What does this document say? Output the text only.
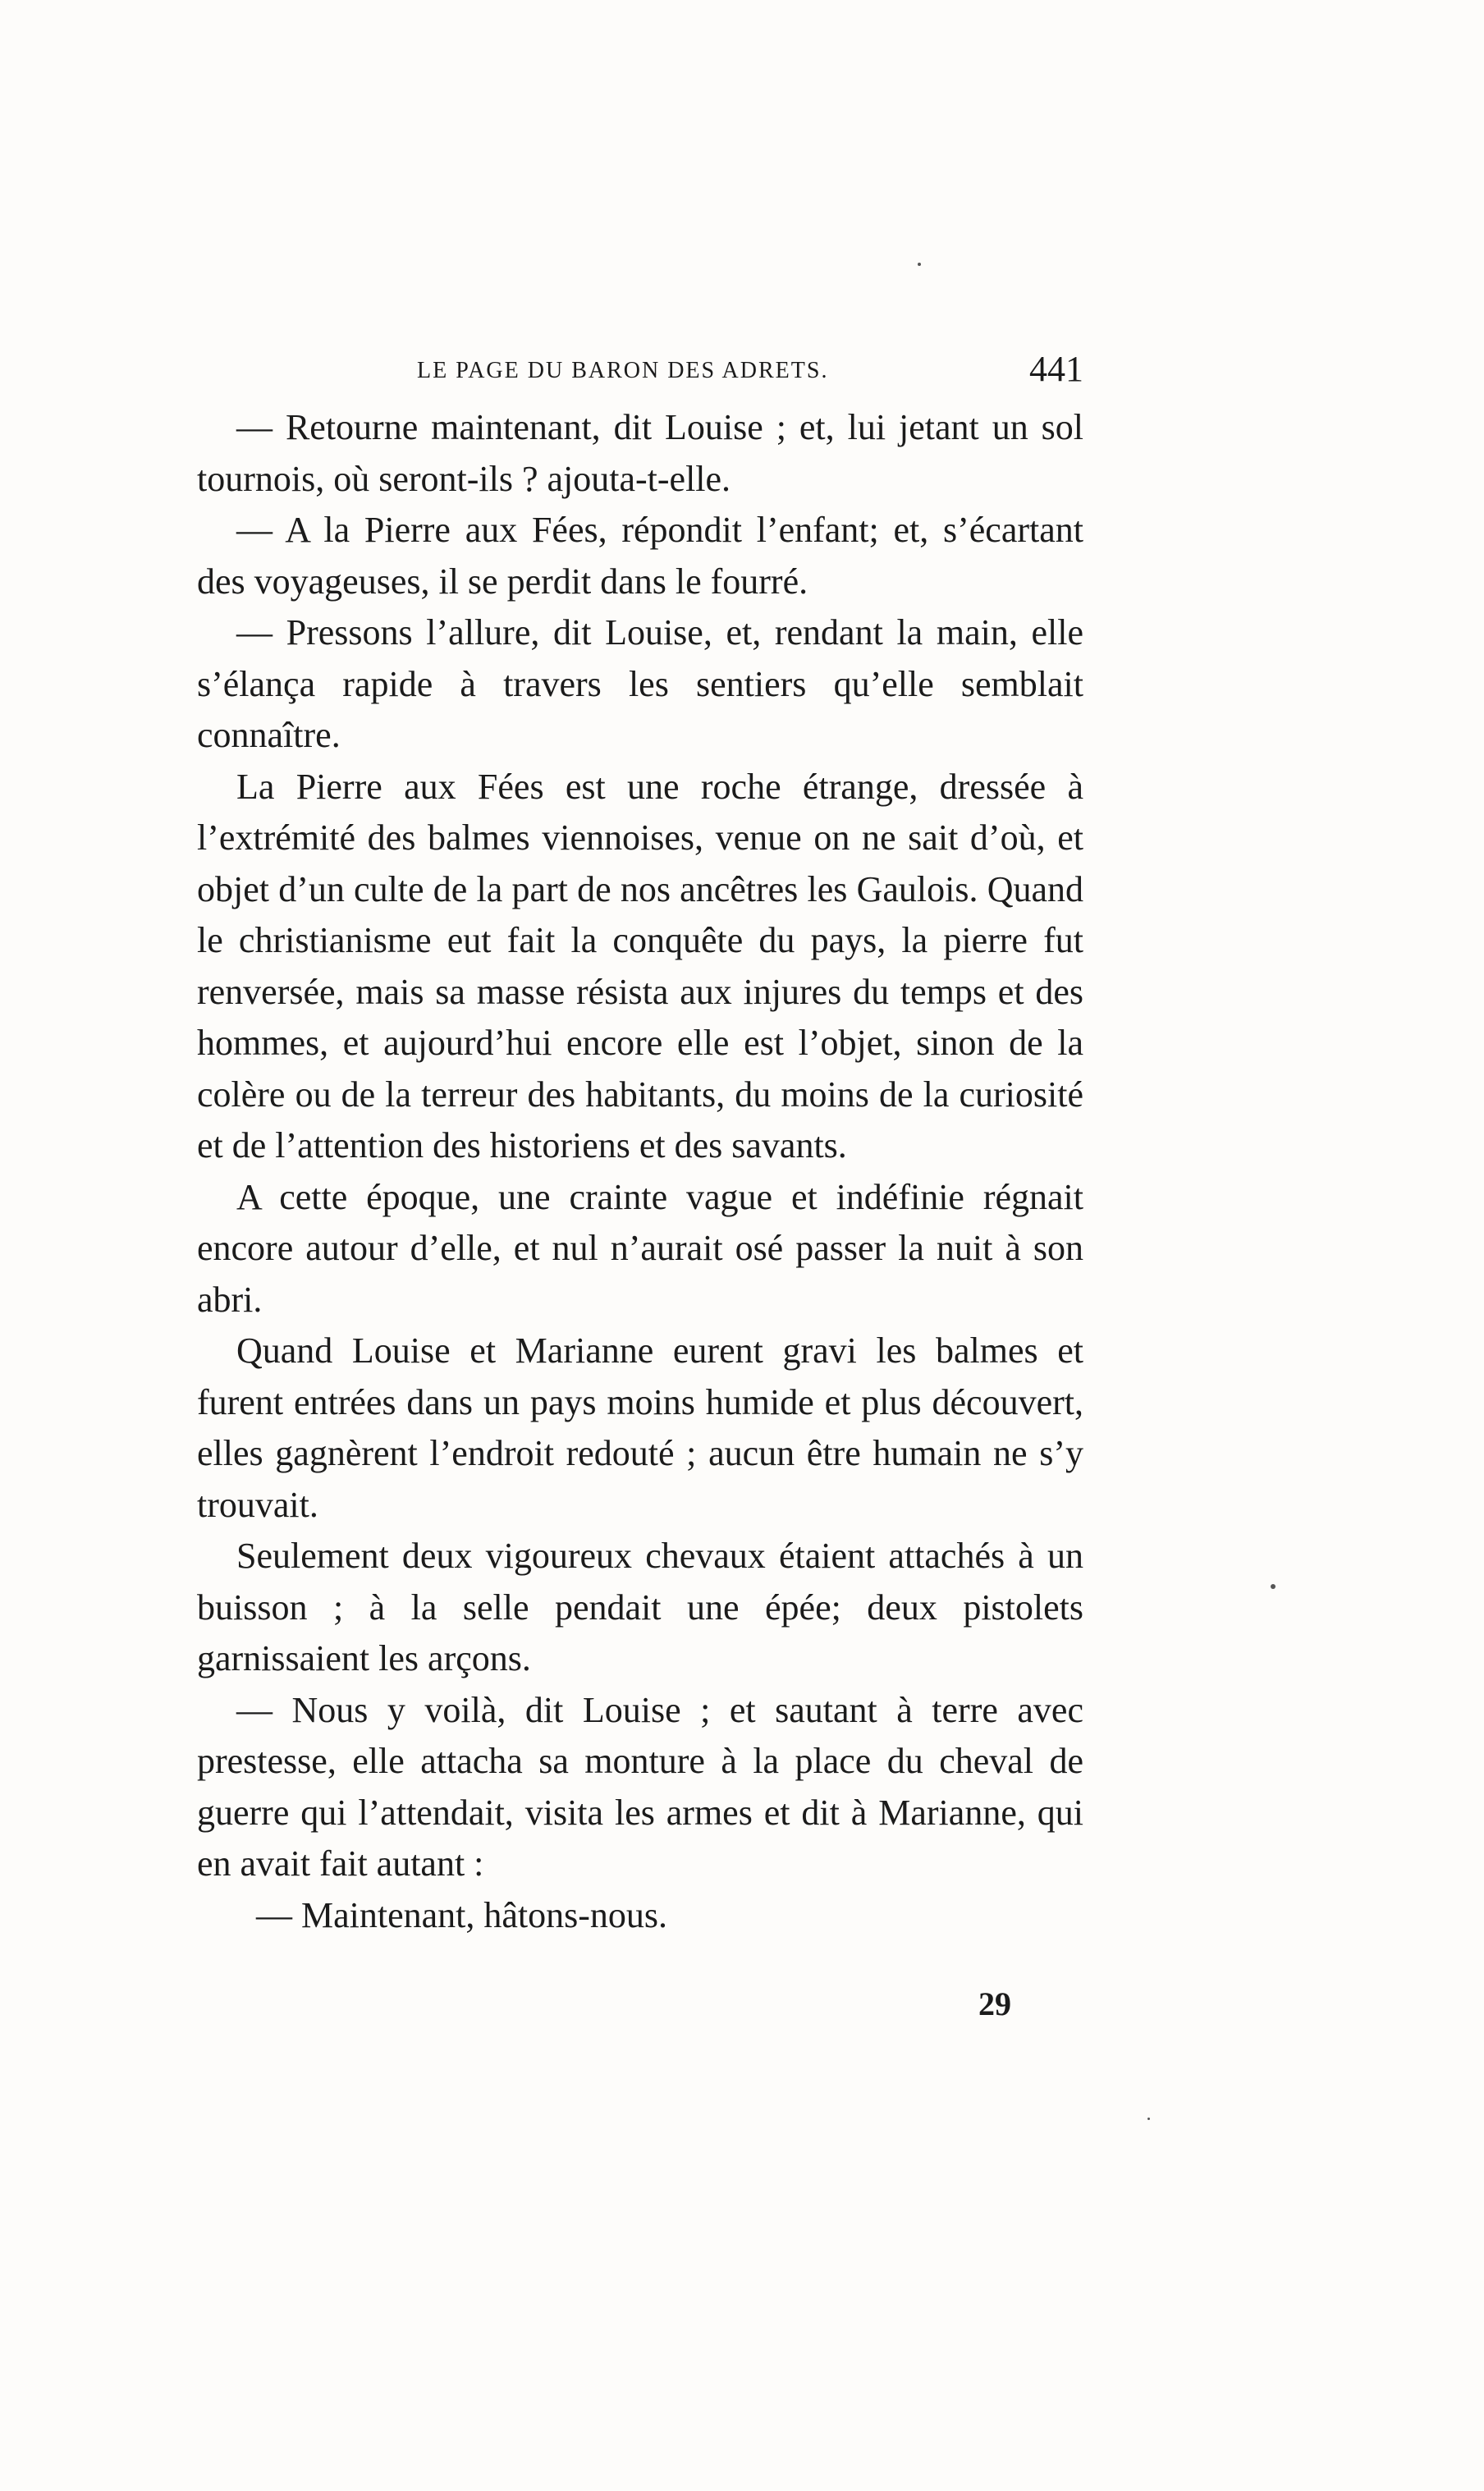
LE PAGE DU BARON DES ADRETS.	441

— Retourne maintenant, dit Louise ; et, lui jetant un sol tournois, où seront-ils ? ajouta-t-elle.

— A la Pierre aux Fées, répondit l’enfant; et, s’écartant des voyageuses, il se perdit dans le fourré.

— Pressons l’allure, dit Louise, et, rendant la main, elle s’élança rapide à travers les sentiers qu’elle semblait connaître.

La Pierre aux Fées est une roche étrange, dressée à l’extrémité des balmes viennoises, venue on ne sait d’où, et objet d’un culte de la part de nos ancêtres les Gaulois. Quand le christianisme eut fait la conquête du pays, la pierre fut renversée, mais sa masse résista aux injures du temps et des hommes, et aujourd’hui encore elle est l’objet, sinon de la colère ou de la terreur des habitants, du moins de la curiosité et de l’attention des historiens et des savants.

A cette époque, une crainte vague et indéfinie régnait encore autour d’elle, et nul n’aurait osé passer la nuit à son abri.

Quand Louise et Marianne eurent gravi les balmes et furent entrées dans un pays moins humide et plus découvert, elles gagnèrent l’endroit redouté ; aucun être humain ne s’y trouvait.

Seulement deux vigoureux chevaux étaient attachés à un buisson ; à la selle pendait une épée; deux pistolets garnissaient les arçons.

— Nous y voilà, dit Louise ; et sautant à terre avec prestesse, elle attacha sa monture à la place du cheval de guerre qui l’attendait, visita les armes et dit à Marianne, qui en avait fait autant :

— Maintenant, hâtons-nous.

29
